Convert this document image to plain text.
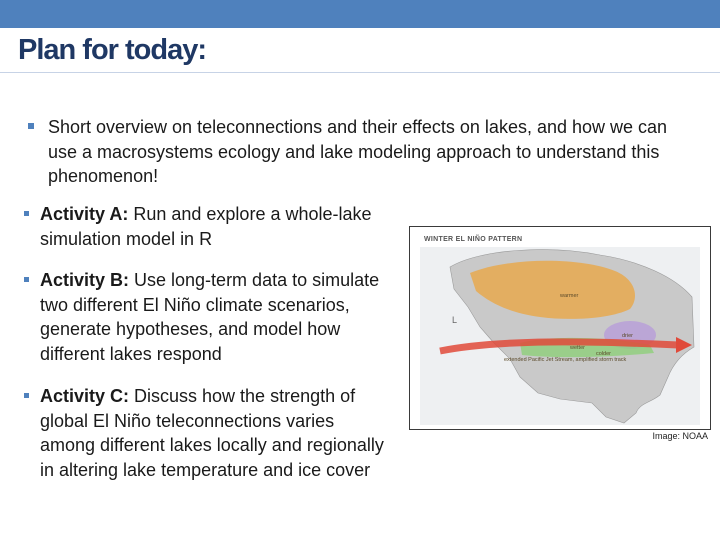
Plan for today:
Short overview on teleconnections and their effects on lakes, and how we can use a macrosystems ecology and lake modeling approach to understand this phenomenon!
Activity A: Run and explore a whole-lake simulation model in R
Activity B: Use long-term data to simulate two different El Niño climate scenarios, generate hypotheses, and model how different lakes respond
Activity C: Discuss how the strength of global El Niño teleconnections varies among different lakes locally and regionally in altering lake temperature and ice cover
WINTER EL NIÑO PATTERN
warmer
drier
wetter
colder
L
extended Pacific Jet Stream, amplified storm track
Image: NOAA
